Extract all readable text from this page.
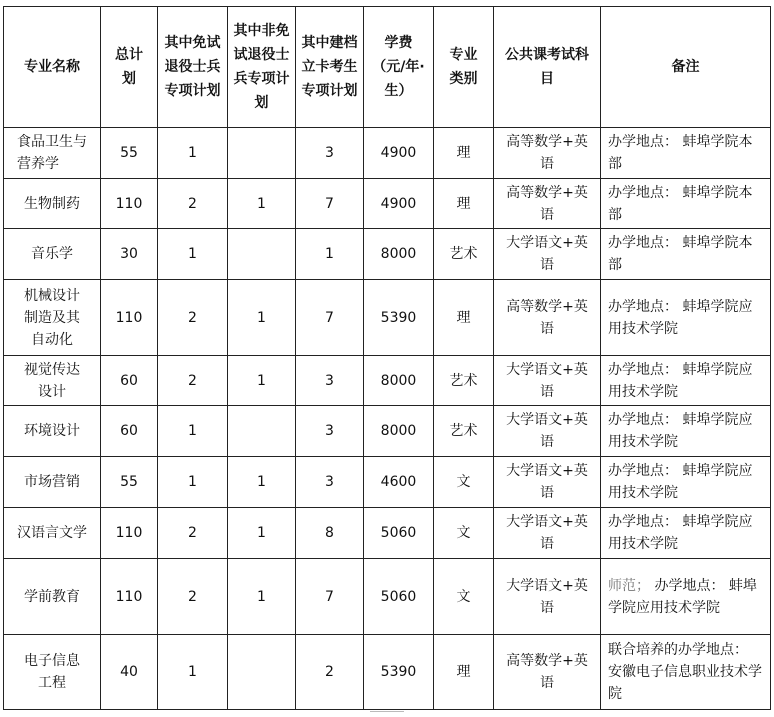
专业名称	总计划	其中免试退役士兵专项计划	其中非免试退役士兵专项计划	其中建档立卡考生专项计划	学费（元/年·生）	专业类别	公共课考试科目	备注

食品卫生与营养学	55	1		3	4900	理	高等数学+英语	办学地点： 蚌埠学院本部
生物制药	110	2	1	7	4900	理	高等数学+英语	办学地点： 蚌埠学院本部
音乐学	30	1		1	8000	艺术	大学语文+英语	办学地点： 蚌埠学院本部

机械设计制造及其自动化	110	2	1	7	5390	理	高等数学+英语	办学地点： 蚌埠学院应用技术学院

视觉传达设计	60	2	1	3	8000	艺术	大学语文+英语	办学地点： 蚌埠学院应用技术学院
环境设计	60	1		3	8000	艺术	大学语文+英语	办学地点： 蚌埠学院应用技术学院
市场营销	55	1	1	3	4600	文	大学语文+英语	办学地点： 蚌埠学院应用技术学院

汉语言文学	110	2	1	8	5060	文	大学语文+英语	办学地点： 蚌埠学院应用技术学院
学前教育	110	2	1	7	5060	文	大学语文+英语	师范； 办学地点： 蚌埠学院应用技术学院

电子信息工程	40	1		2	5390	理	高等数学+英语	联合培养的办学地点： 安徽电子信息职业技术学院
